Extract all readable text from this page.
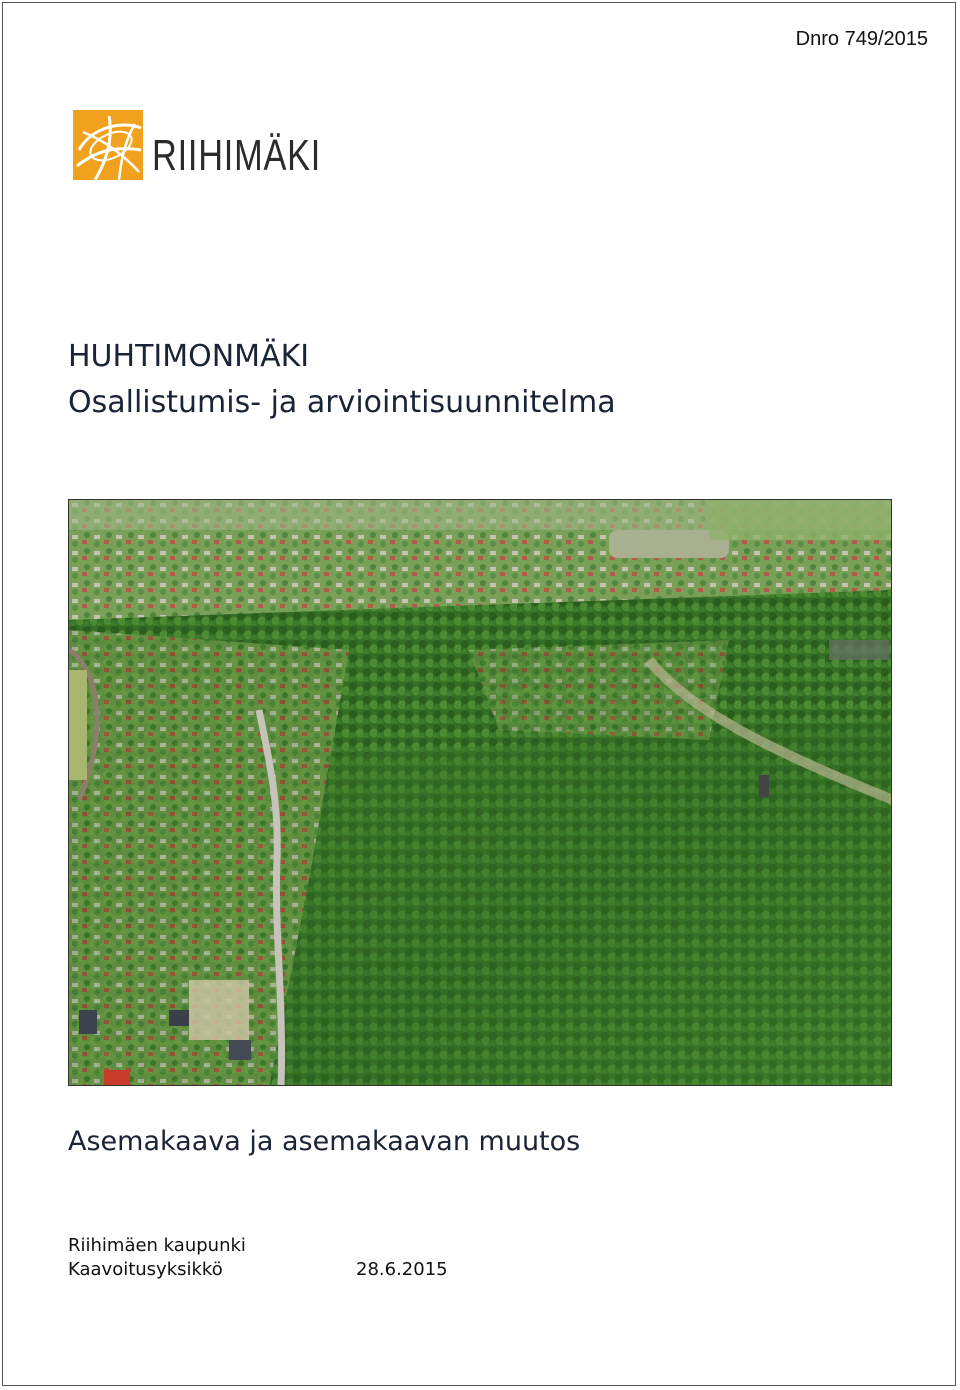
Dnro 749/2015
RIIHIMÄKI
HUHTIMONMÄKI
Osallistumis- ja arviointisuunnitelma
Asemakaava ja asemakaavan muutos
Riihimäen kaupunki
Kaavoitusyksikkö	28.6.2015
